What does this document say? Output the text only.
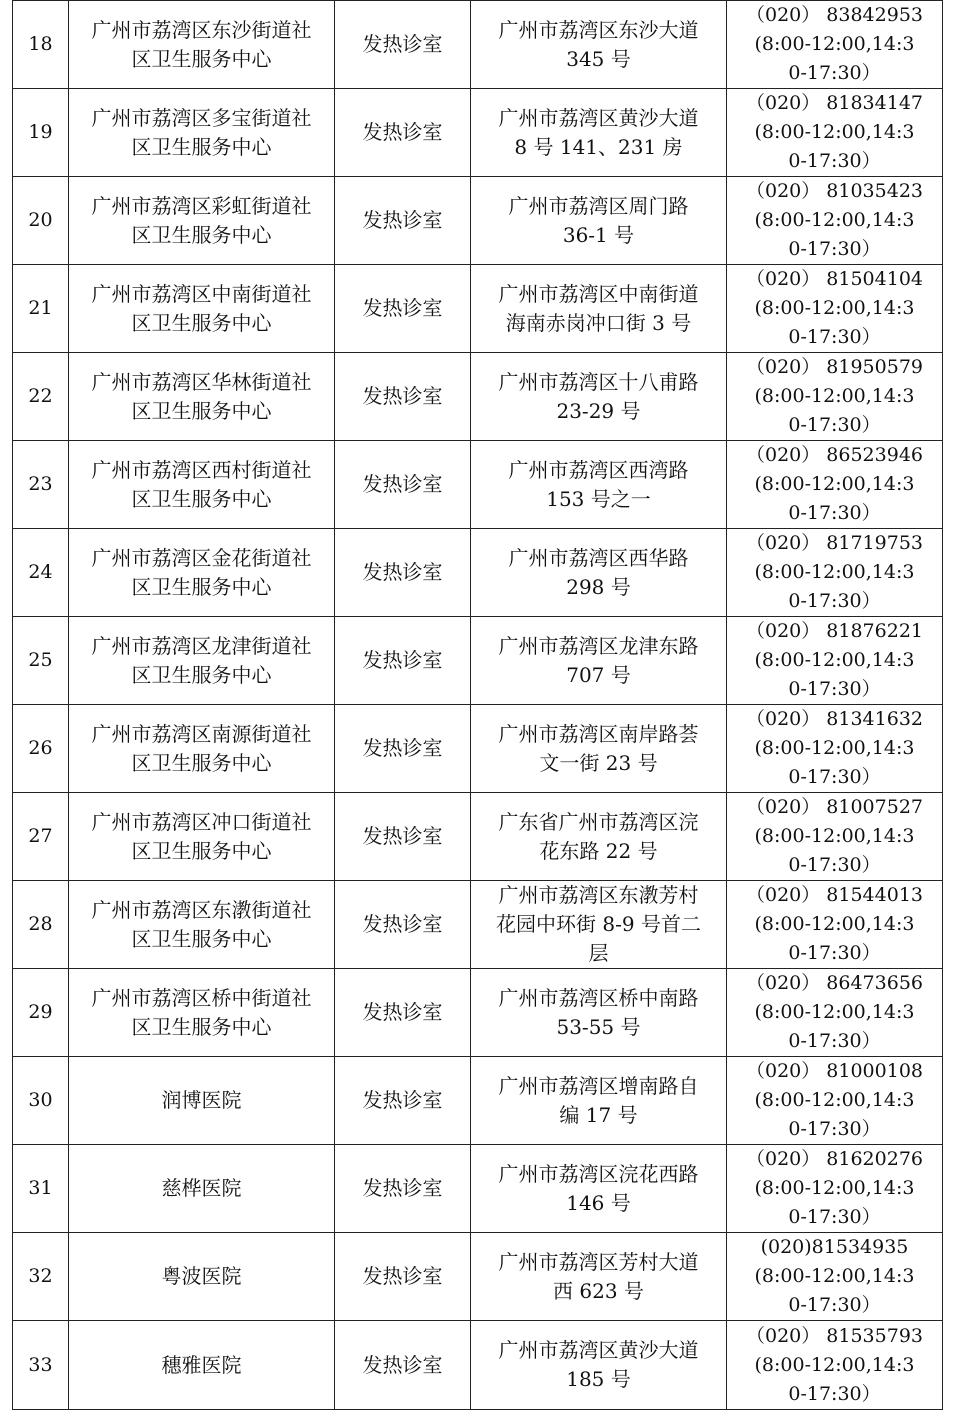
18	广州市荔湾区东沙街道社
区卫生服务中心	发热诊室	广州市荔湾区东沙大道
345 号	（020） 83842953
(8:00-12:00,14:3
0-17:30）

19	广州市荔湾区多宝街道社
区卫生服务中心	发热诊室	广州市荔湾区黄沙大道
8 号 141、231 房	（020） 81834147
(8:00-12:00,14:3
0-17:30）

20	广州市荔湾区彩虹街道社
区卫生服务中心	发热诊室	广州市荔湾区周门路
36-1 号	（020） 81035423
(8:00-12:00,14:3
0-17:30）

21	广州市荔湾区中南街道社
区卫生服务中心	发热诊室	广州市荔湾区中南街道
海南赤岗冲口街 3 号	（020） 81504104
(8:00-12:00,14:3
0-17:30）

22	广州市荔湾区华林街道社
区卫生服务中心	发热诊室	广州市荔湾区十八甫路
23-29 号	（020） 81950579
(8:00-12:00,14:3
0-17:30）

23	广州市荔湾区西村街道社
区卫生服务中心	发热诊室	广州市荔湾区西湾路
153 号之一	（020） 86523946
(8:00-12:00,14:3
0-17:30）

24	广州市荔湾区金花街道社
区卫生服务中心	发热诊室	广州市荔湾区西华路
298 号	（020） 81719753
(8:00-12:00,14:3
0-17:30）

25	广州市荔湾区龙津街道社
区卫生服务中心	发热诊室	广州市荔湾区龙津东路
707 号	（020） 81876221
(8:00-12:00,14:3
0-17:30）

26	广州市荔湾区南源街道社
区卫生服务中心	发热诊室	广州市荔湾区南岸路荟
文一街 23 号	（020） 81341632
(8:00-12:00,14:3
0-17:30）

27	广州市荔湾区冲口街道社
区卫生服务中心	发热诊室	广东省广州市荔湾区浣
花东路 22 号	（020） 81007527
(8:00-12:00,14:3
0-17:30）

28	广州市荔湾区东漖街道社
区卫生服务中心	发热诊室	广州市荔湾区东漖芳村
花园中环街 8-9 号首二
层	（020） 81544013
(8:00-12:00,14:3
0-17:30）

29	广州市荔湾区桥中街道社
区卫生服务中心	发热诊室	广州市荔湾区桥中南路
53-55 号	（020） 86473656
(8:00-12:00,14:3
0-17:30）

30	润博医院	发热诊室	广州市荔湾区增南路自
编 17 号	（020） 81000108
(8:00-12:00,14:3
0-17:30）

31	慈桦医院	发热诊室	广州市荔湾区浣花西路
146 号	（020） 81620276
(8:00-12:00,14:3
0-17:30）

32	粤波医院	发热诊室	广州市荔湾区芳村大道
西 623 号	(020)81534935
(8:00-12:00,14:3
0-17:30）

33	穗雅医院	发热诊室	广州市荔湾区黄沙大道
185 号	（020） 81535793
(8:00-12:00,14:3
0-17:30）
